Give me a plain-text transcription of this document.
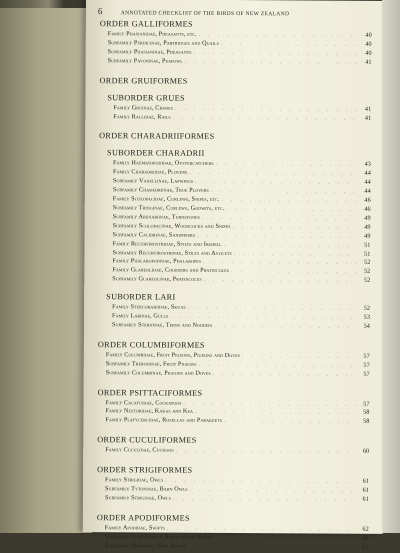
6	ANNOTATED CHECKLIST OF THE BIRDS OF NEW ZEALAND
ORDER GALLIFORMES
Family Phasianidae, Pheasants, etc. . . .	40
Subfamily Perdicinae, Partridges and Quails . . .	40
Subfamily Phasianinae, Pheasants . . .	40
Subfamily Pavoninae, Peafowl . . .	41
ORDER GRUIFORMES
SUBORDER GRUES
Family Gruidae, Cranes . . .	41
Family Rallidae, Rails . . .	41
ORDER CHARADRIIFORMES
SUBORDER CHARADRII
Family Haematopodidae, Oystercatchers . . .	43
Family Charadriidae, Plovers . . .	44
Subfamily Vanellinae, Lapwings . . .	44
Subfamily Charadriinae, True Plovers . . .	44
Family Scolopacidae, Curlews, Snipes, etc. . . .	46
Subfamily Tringinae, Curlews, Godwits, etc. . . .	46
Subfamily Arenariinae, Turnstones . . .	49
Subfamily Scolopacinae, Woodcocks and Snipes . . .	49
Subfamily Calidrinae, Sandpipers . . .	49
Family Recurvirostridae, Stilts and Ibisbill . . .	51
Subfamily Recurvirostrinae, Stilts and Avocets . . .	51
Family Phalaropodidae, Phalaropes . . .	52
Family Glareolidae, Coursers and Pratincoles . . .	52
Subfamily Glareolinae, Pratincoles . . .	52
SUBORDER LARI
Family Stercorariidae, Skuas . . .	52
Family Laridae, Gulls . . .	53
Subfamily Sterninae, Terns and Noddies . . .	54
ORDER COLUMBIFORMES
Family Columbidae, Fruit Pigeons, Pigeons and Doves . . .	57
Subfamily Treroninae, Fruit Pigeons . . .	57
Subfamily Columbinae, Pigeons and Doves . . .	57
ORDER PSITTACIFORMES
Family Cacatuidae, Cockatoos . . .	57
Family Nestoridae, Kakas and Kea . . .	58
Family Platycercidae, Rosellas and Parakeets . . .	58
ORDER CUCULIFORMES
Family Cuculidae, Cuckoos . . .	60
ORDER STRIGIFORMES
Family Strigidae, Owls . . .	61
Subfamily Tytoninae, Barn Owls . . .	61
Subfamily Striginae, Owls . . .	61
ORDER APODIFORMES
Family Apodidae, Swifts . . .	62
Subfamily Chaeturinae, Spine-tailed Swifts . . .	62
Subfamily Apodinae, True Swifts . . .	62
